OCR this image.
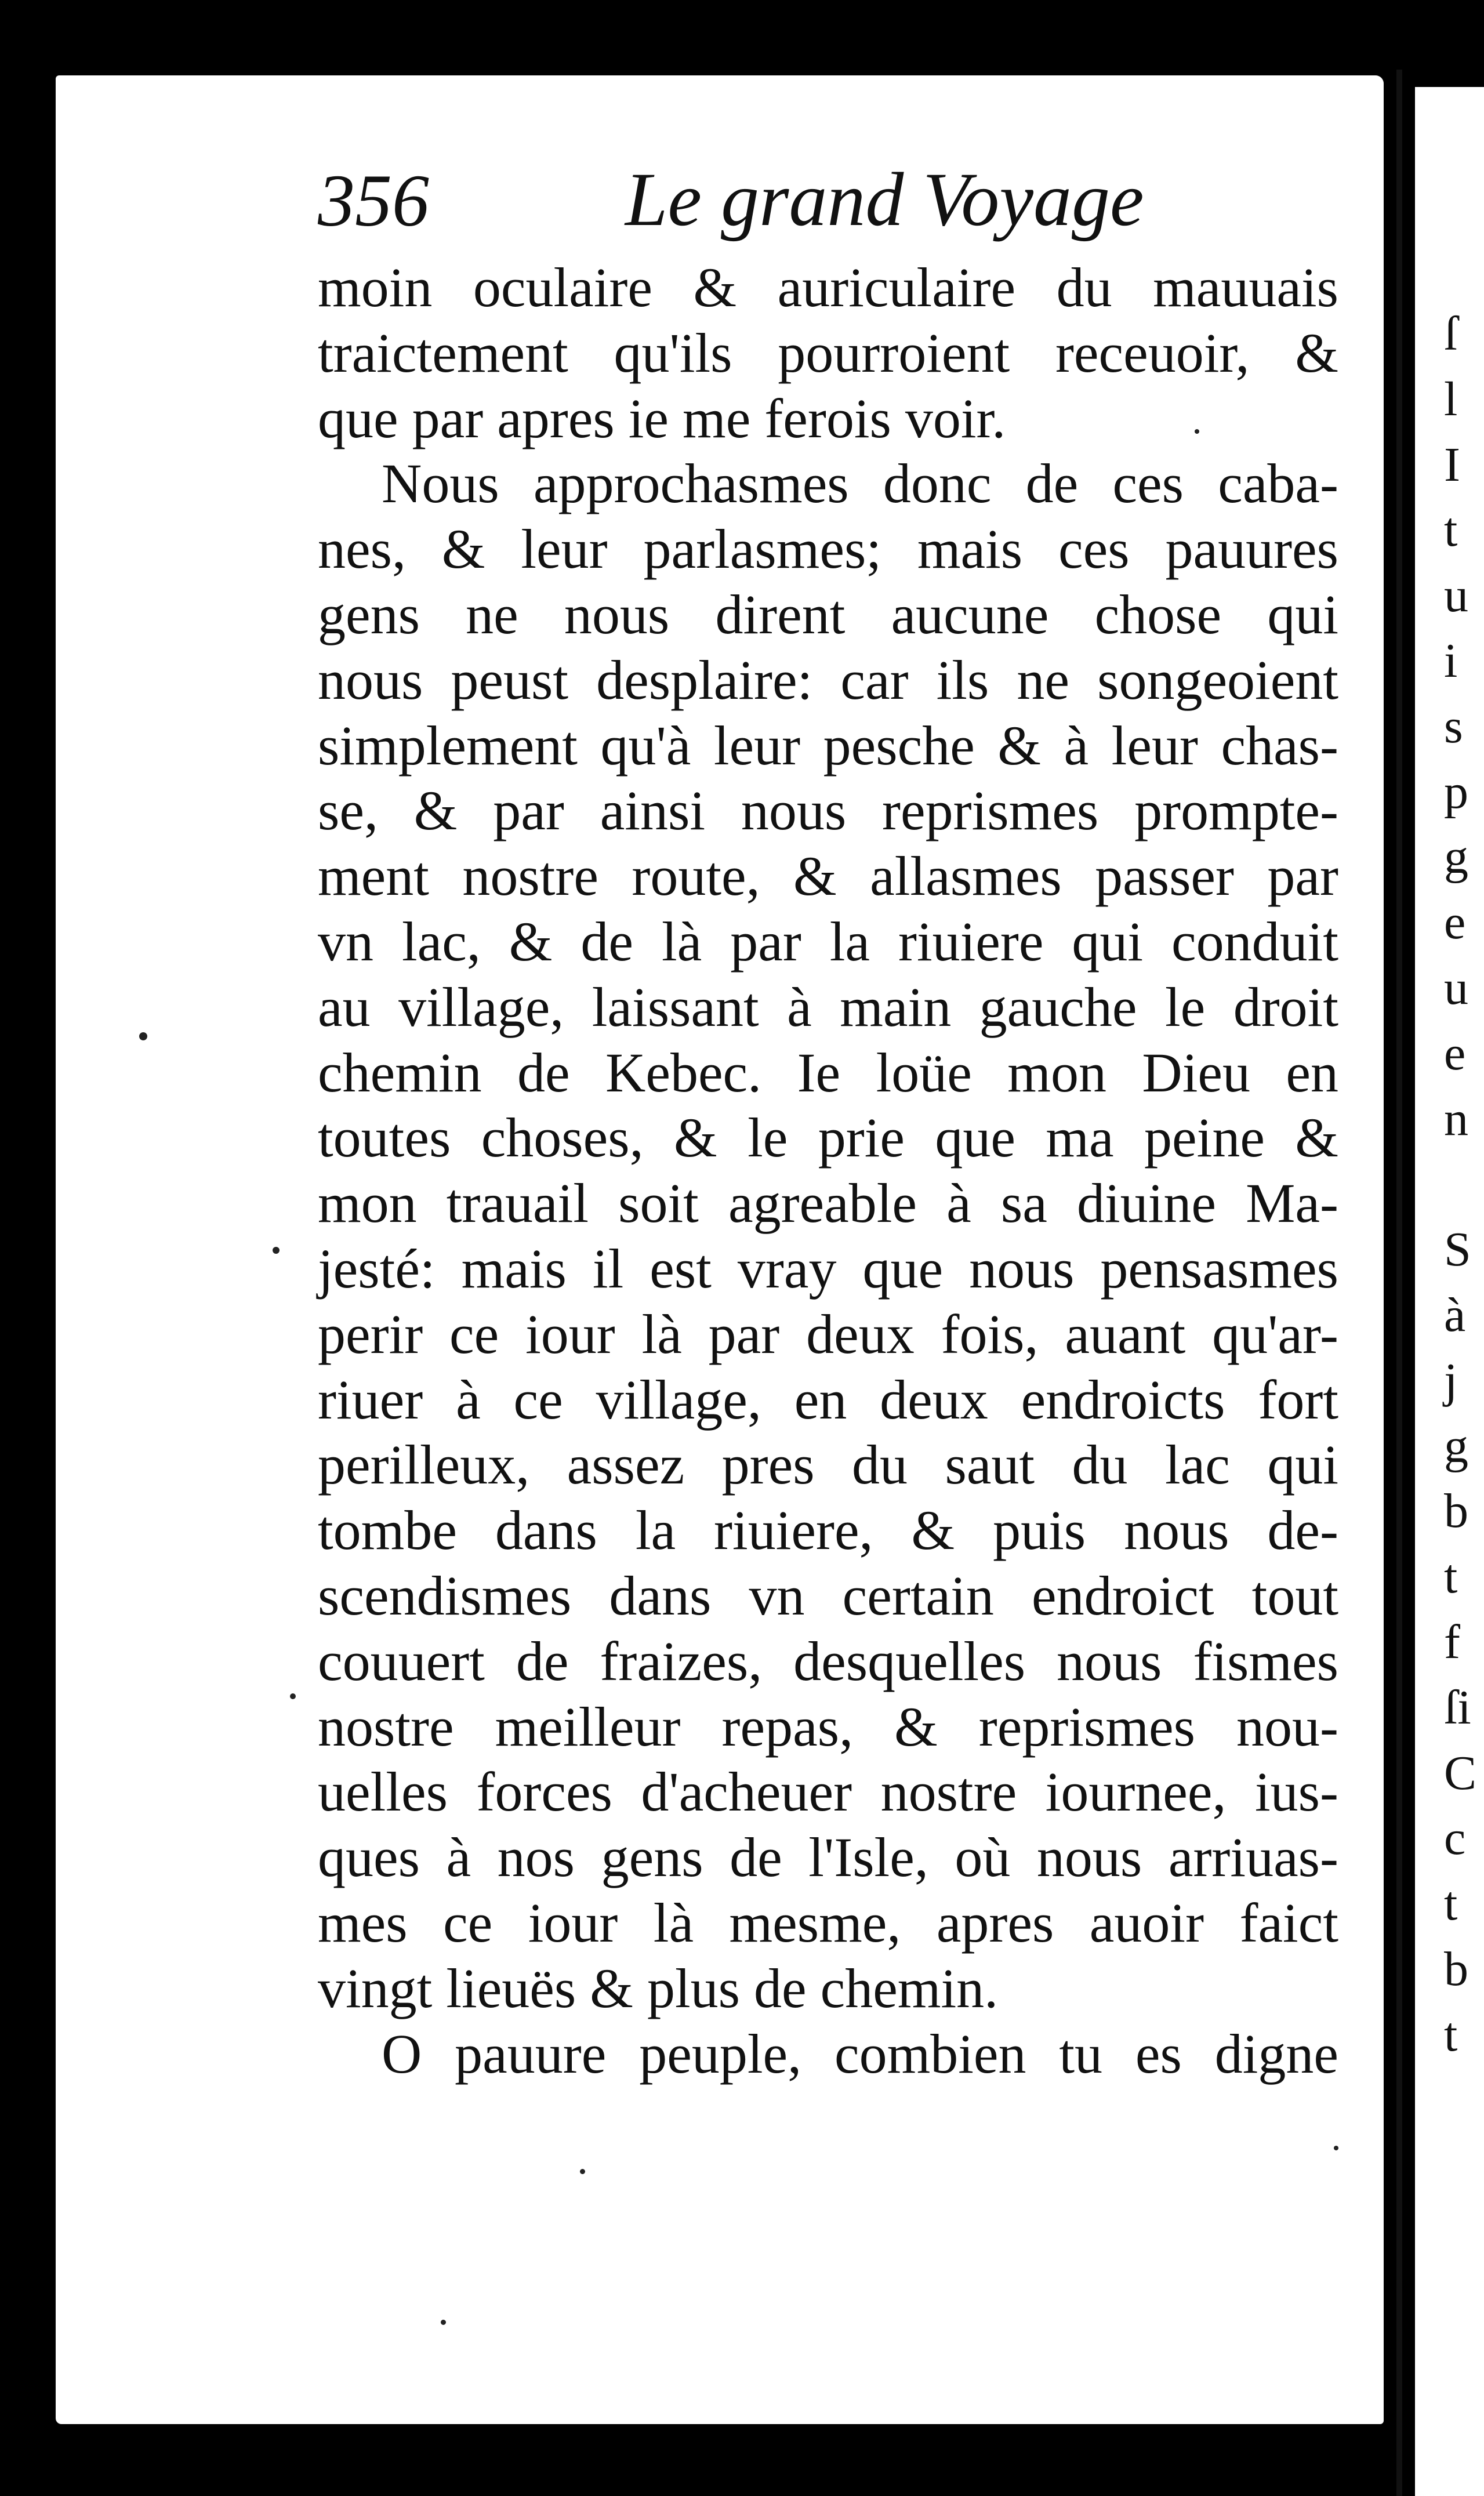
356	Le grand Voyage
moin oculaire & auriculaire du mauuais
traictement qu'ils pourroient receuoir, &
que par apres ie me ferois voir.
Nous approchasmes donc de ces caba-
nes, & leur parlasmes; mais ces pauures
gens ne nous dirent aucune chose qui
nous peust desplaire: car ils ne songeoient
simplement qu'à leur pesche & à leur chas-
se, & par ainsi nous reprismes prompte-
ment nostre route, & allasmes passer par
vn lac, & de là par la riuiere qui conduit
au village, laissant à main gauche le droit
chemin de Kebec. Ie loüe mon Dieu en
toutes choses, & le prie que ma peine &
mon trauail soit agreable à sa diuine Ma-
jesté: mais il est vray que nous pensasmes
perir ce iour là par deux fois, auant qu'ar-
riuer à ce village, en deux endroicts fort
perilleux, assez pres du saut du lac qui
tombe dans la riuiere, & puis nous de-
scendismes dans vn certain endroict tout
couuert de fraizes, desquelles nous fismes
nostre meilleur repas, & reprismes nou-
uelles forces d'acheuer nostre iournee, ius-
ques à nos gens de l'Isle, où nous arriuas-
mes ce iour là mesme, apres auoir faict
vingt lieuës & plus de chemin.
O pauure peuple, combien tu es digne
ſ
l
I
t
u
i
s
p
g
e
u
e
n
S
à
j
g
b
t
f
ſi
C
c
t
b
t
